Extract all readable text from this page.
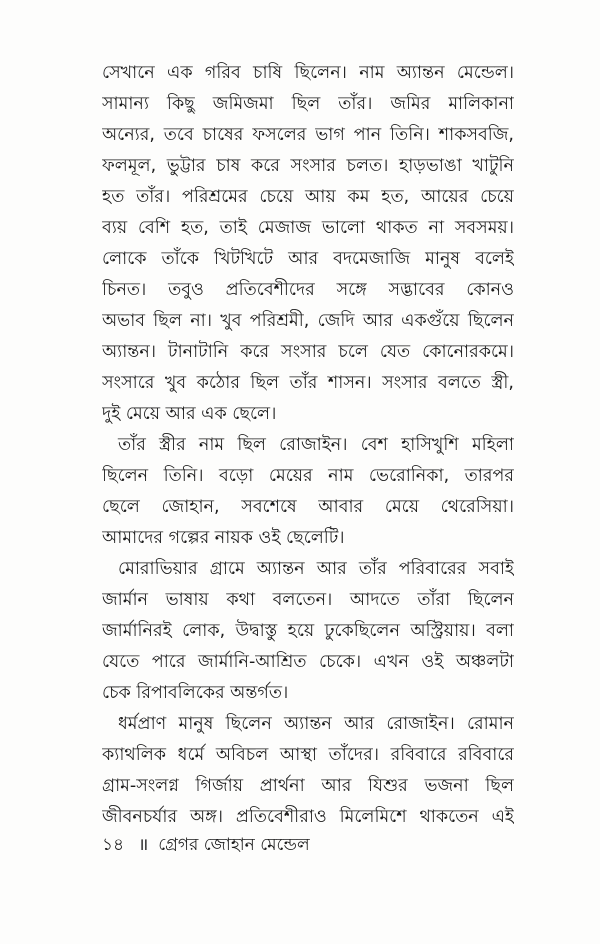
সেখানে এক গরিব চাষি ছিলেন। নাম অ্যান্তন মেন্ডেল।
সামান্য কিছু জমিজমা ছিল তাঁর। জমির মালিকানা
অন্যের, তবে চাষের ফসলের ভাগ পান তিনি। শাকসবজি,
ফলমূল, ভুট্টার চাষ করে সংসার চলত। হাড়ভাঙা খাটুনি
হত তাঁর। পরিশ্রমের চেয়ে আয় কম হত, আয়ের চেয়ে
ব্যয় বেশি হত, তাই মেজাজ ভালো থাকত না সবসময়।
লোকে তাঁকে খিটখিটে আর বদমেজাজি মানুষ বলেই
চিনত। তবুও প্রতিবেশীদের সঙ্গে সদ্ভাবের কোনও
অভাব ছিল না। খুব পরিশ্রমী, জেদি আর একগুঁয়ে ছিলেন
অ্যান্তন। টানাটানি করে সংসার চলে যেত কোনোরকমে।
সংসারে খুব কঠোর ছিল তাঁর শাসন। সংসার বলতে স্ত্রী,
দুই মেয়ে আর এক ছেলে।
তাঁর স্ত্রীর নাম ছিল রোজাইন। বেশ হাসিখুশি মহিলা
ছিলেন তিনি। বড়ো মেয়ের নাম ভেরোনিকা, তারপর
ছেলে জোহান, সবশেষে আবার মেয়ে থেরেসিয়া।
আমাদের গল্পের নায়ক ওই ছেলেটি।
মোরাভিয়ার গ্রামে অ্যান্তন আর তাঁর পরিবারের সবাই
জার্মান ভাষায় কথা বলতেন। আদতে তাঁরা ছিলেন
জার্মানিরই লোক, উদ্বাস্তু হয়ে ঢুকেছিলেন অস্ট্রিয়ায়। বলা
যেতে পারে জার্মানি-আশ্রিত চেকে। এখন ওই অঞ্চলটা
চেক রিপাবলিকের অন্তর্গত।
ধর্মপ্রাণ মানুষ ছিলেন অ্যান্তন আর রোজাইন। রোমান
ক্যাথলিক ধর্মে অবিচল আস্থা তাঁদের। রবিবারে রবিবারে
গ্রাম-সংলগ্ন গির্জায় প্রার্থনা আর যিশুর ভজনা ছিল
জীবনচর্যার অঙ্গ। প্রতিবেশীরাও মিলেমিশে থাকতেন এই
১৪ ॥ গ্রেগর জোহান মেন্ডেল
